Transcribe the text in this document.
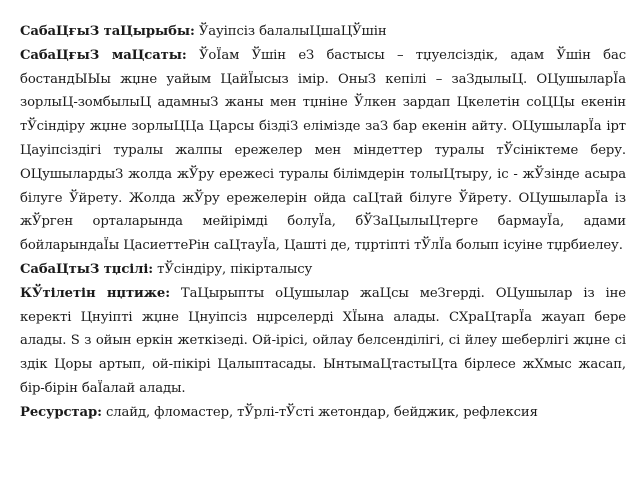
СабаЦғыЗ таЦырыбы: Ўауіпсіз балалыЦшаЦЎшін

СабаЦғыЗ маЦсаты: ЎоЇам Ўшін еЗ бастысы – тџуелсіздік, адам Ўшін бас бостандЫЫы жџне уайым ЦайЇысыз імір. ОныЗ кепілі – заЗдылыЦ. ОЦушыларЇа зорлыЦ-зомбылыЦ адамныЗ жаны мен тџніне Ўлкен зардап Цкелетін соЦЦы екенін тЎсіндіру жџне зорлыЦЦа Царсы біздіЗ елімізде заЗ бар екенін айту. ОЦушыларЇа ірт Цауіпсіздігі туралы жалпы ережелер мен міндеттер туралы тЎсініктеме беру. ОЦушылардыЗ жолда жЎру ережесі туралы білімдерін толыЦтыру, іс - жЎзінде асыра білуге Ўйрету. Жолда жЎру ережелерін ойда саЦтай білуге Ўйрету. ОЦушыларЇа із жЎрген орталарында мейірімді болуЇа, бЎЗаЦылыЦтерге бармауЇа, адами бойларындаЇы ЦасиеттеРін саЦтауЇа, Цашті де, тџртіпті тЎлЇа болып ісуіне тџрбиелеу.

СабаЦтыЗ тџсілі: тЎсіндіру, пікірталысу

КЎтілетін нџтиже: ТаЦырыпты оЦушылар жаЦсы меЗгерді. ОЦушылар із іне керекті Цнуіпті жџне Цнуіпсіз нџрселерді ХЇына алады. СХраЦтарЇа жауап бере алады. Ѕ з ойын еркін жеткізеді. Ой-ірісі, ойлау белсенділігі, сі йлеу шеберлігі жџне сі здік Цоры артып, ой-пікірі Цалыптасады. ЫнтымаЦтастыЦта бірлесе жХмыс жасап, бір-бірін баЇалай алады.

Ресурстар: слайд, фломастер, тЎрлі-тЎсті жетондар, бейджик, рефлексия
